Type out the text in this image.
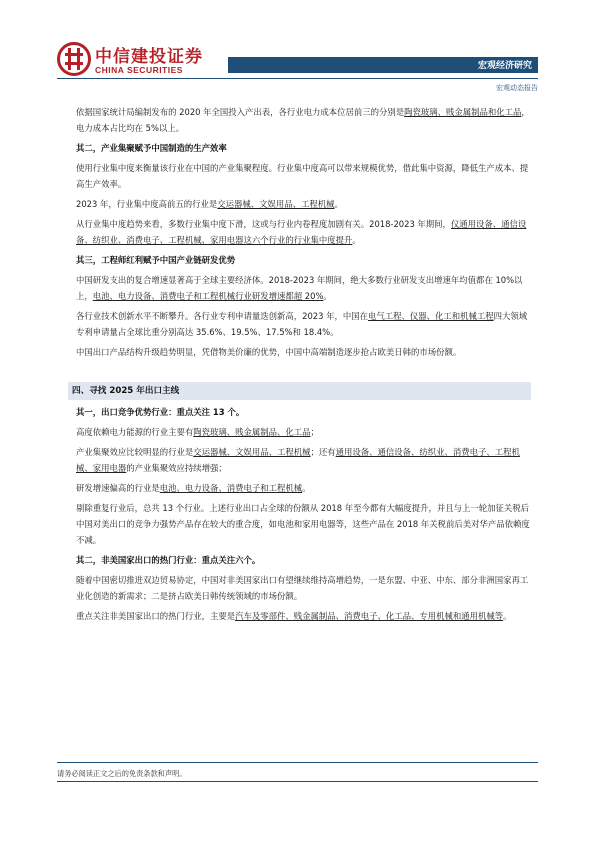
中信建投证券
CHINA SECURITIES	宏观经济研究
宏观动态报告

依据国家统计局编制发布的 2020 年全国投入产出表，各行业电力成本位居前三的分别是陶瓷玻璃、贱金属制品和化工品，电力成本占比均在 5%以上。

其二，产业集聚赋予中国制造的生产效率

使用行业集中度来衡量该行业在中国的产业集聚程度。行业集中度高可以带来规模优势，借此集中资源，降低生产成本、提高生产效率。

2023 年，行业集中度高前五的行业是交运器械、文娱用品、工程机械。

从行业集中度趋势来看，多数行业集中度下滑，这或与行业内卷程度加剧有关。2018-2023 年期间，仪通用设备、通信设备、纺织业、消费电子、工程机械、家用电器这六个行业的行业集中度提升。

其三，工程师红利赋予中国产业链研发优势

中国研发支出的复合增速显著高于全球主要经济体。2018-2023 年期间，绝大多数行业研发支出增速年均值都在 10%以上，电池、电力设备、消费电子和工程机械行业研发增速都超 20%。

各行业技术创新水平不断攀升。各行业专利申请量迭创新高，2023 年，中国在电气工程、仪器、化工和机械工程四大领域专利申请量占全球比重分别高达 35.6%、19.5%、17.5%和 18.4%。

中国出口产品结构升级趋势明显，凭借物美价廉的优势，中国中高端制造逐步抢占欧美日韩的市场份额。

四、寻找 2025 年出口主线

其一，出口竞争优势行业：重点关注 13 个。

高度依赖电力能源的行业主要有陶瓷玻璃、贱金属制品、化工品；

产业集聚效应比较明显的行业是交运器械、文娱用品、工程机械；还有通用设备、通信设备、纺织业、消费电子、工程机械、家用电器的产业集聚效应持续增强；

研发增速偏高的行业是电池、电力设备、消费电子和工程机械。

剔除重复行业后，总共 13 个行业。上述行业出口占全球的份额从 2018 年至今都有大幅度提升，并且与上一轮加征关税后中国对美出口的竞争力强势产品存在较大的重合度，如电池和家用电器等，这些产品在 2018 年关税前后美对华产品依赖度不减。

其二，非美国家出口的热门行业：重点关注六个。

随着中国密切推进双边贸易协定，中国对非美国家出口有望继续维持高增趋势，一是东盟、中亚、中东、部分非洲国家再工业化创造的新需求；二是挤占欧美日韩传统领域的市场份额。

重点关注非美国家出口的热门行业，主要是汽车及零部件、贱金属制品、消费电子、化工品、专用机械和通用机械等。

请务必阅读正文之后的免责条款和声明。
